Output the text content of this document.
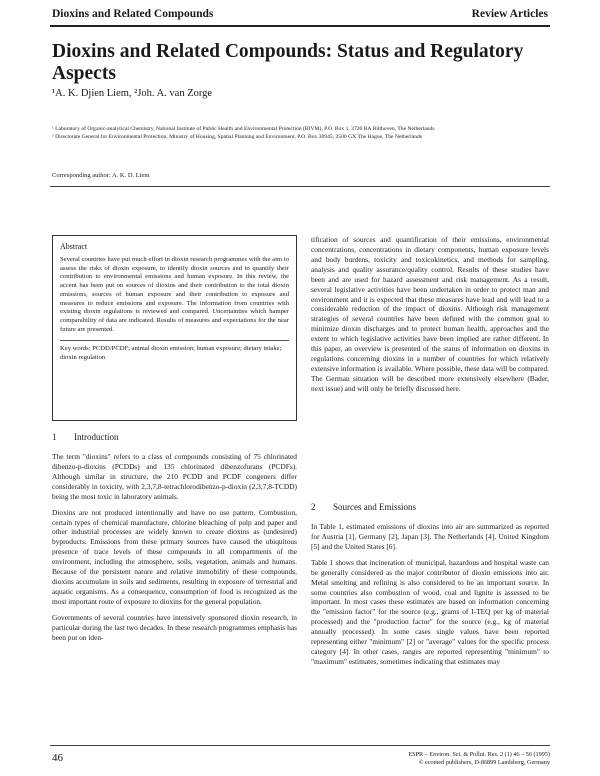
Dioxins and Related Compounds	Review Articles
Dioxins and Related Compounds: Status and Regulatory Aspects
¹A. K. Djien Liem, ²Joh. A. van Zorge
¹ Laboratory of Organic-analytical Chemistry, National Institute of Public Health and Environmental Protection (RIVM), P.O. Box 1, 3720 BA Bilthoven, The Netherlands
² Directorate General for Environmental Protection, Ministry of Housing, Spatial Planning and Environment, P.O. Box 30945, 2500 GX The Hague, The Netherlands
Corresponding author: A. K. D. Liem
Abstract
Several countries have put much effort in dioxin research programmes with the aim to assess the risks of dioxin exposure, to identify dioxin sources and to quantify their contribution to environmental emissions and human exposure. In this review, the accent has been put on sources of dioxins and their contribution to the total dioxin emissions, sources of human exposure and their contribution to exposure and measures to reduce emissions and exposure. The information from countries with existing dioxin regulations is reviewed and compared. Uncertainties which hamper comparability of data are indicated. Results of measures and expectations for the near future are presented.
Key words: PCDD/PCDF; animal dioxin emission; human exposure; dietary intake; dioxin regulation
1 Introduction

The term "dioxins" refers to a class of compounds consisting of 75 chlorinated dibenzo-p-dioxins (PCDDs) and 135 chlorinated dibenzofurans (PCDFs). Although similar in structure, the 210 PCDD and PCDF congeners differ considerably in toxicity, with 2,3,7,8-tetrachlorodibenzo-p-dioxin (2,3,7,8-TCDD) being the most toxic in laboratory animals.

Dioxins are not produced intentionally and have no use pattern. Combustion, certain types of chemical manufacture, chlorine bleaching of pulp and paper and other industrial processes are widely known to create dioxins as (undesired) byproducts. Emissions from these primary sources have caused the ubiquitous presence of trace levels of these compounds in all compartments of the environment, including the atmosphere, soils, vegetation, animals and humans. Because of the persistent nature and relative immobility of these compounds, dioxins accumulate in soils and sediments, resulting in exposure of terrestrial and aquatic organisms. As a consequence, consumption of food is recognized as the most important route of exposure to dioxins for the general population.

Governments of several countries have intensively sponsored dioxin research, in particular during the last two decades. In these research programmes emphasis has been put on iden-

tification of sources and quantification of their emissions, environmental concentrations, concentrations in dietary components, human exposure levels and body burdens, toxicity and toxicokinetics, and methods for sampling, analysis and quality assurance/quality control. Results of these studies have been and are used for hazard assessment and risk management. As a result, several legislative activities have been undertaken in order to protect man and environment and it is expected that these measures have lead and will lead to a considerable reduction of the impact of dioxins. Although risk management strategies of several countries have been defined with the common goal to minimize dioxin discharges and to protect human health, approaches and the extent to which legislative activities have been implied are rather different. In this paper, an overview is presented of the status of information on dioxins in regulations concerning dioxins in a number of countries for which relatively extensive information is available. Where possible, these data will be compared. The German situation will be described more extensively elsewhere (Bader, next issue) and will only be briefly discussed here.

2 Sources and Emissions

In Table 1, estimated emissions of dioxins into air are summarized as reported for Austria [1], Germany [2], Japan [3], The Netherlands [4], United Kingdom [5] and the United States [6].

Table 1 shows that incineration of municipal, hazardous and hospital waste can be generally considered as the major contributor of dioxin emissions into air. Metal smelting and refining is also considered to be an important source. In some countries also combustion of wood, coal and lignite is assessed to be important. In most cases these estimates are based on information concerning the "emission factor" for the source (e.g., grams of I-TEQ per kg of material processed) and the "production factor" for the source (e.g., kg of material annually processed). In some cases single values have been reported representing either "minimum" [2] or "average" values for the specific process category [4]. In other cases, ranges are reported representing "minimum" to "maximum" estimates, sometimes indicating that estimates may

46	ESPR – Environ. Sci. & Pollut. Res. 2 (1) 46 – 56 (1995)
© ecomed publishers, D-86899 Landsberg, Germany
